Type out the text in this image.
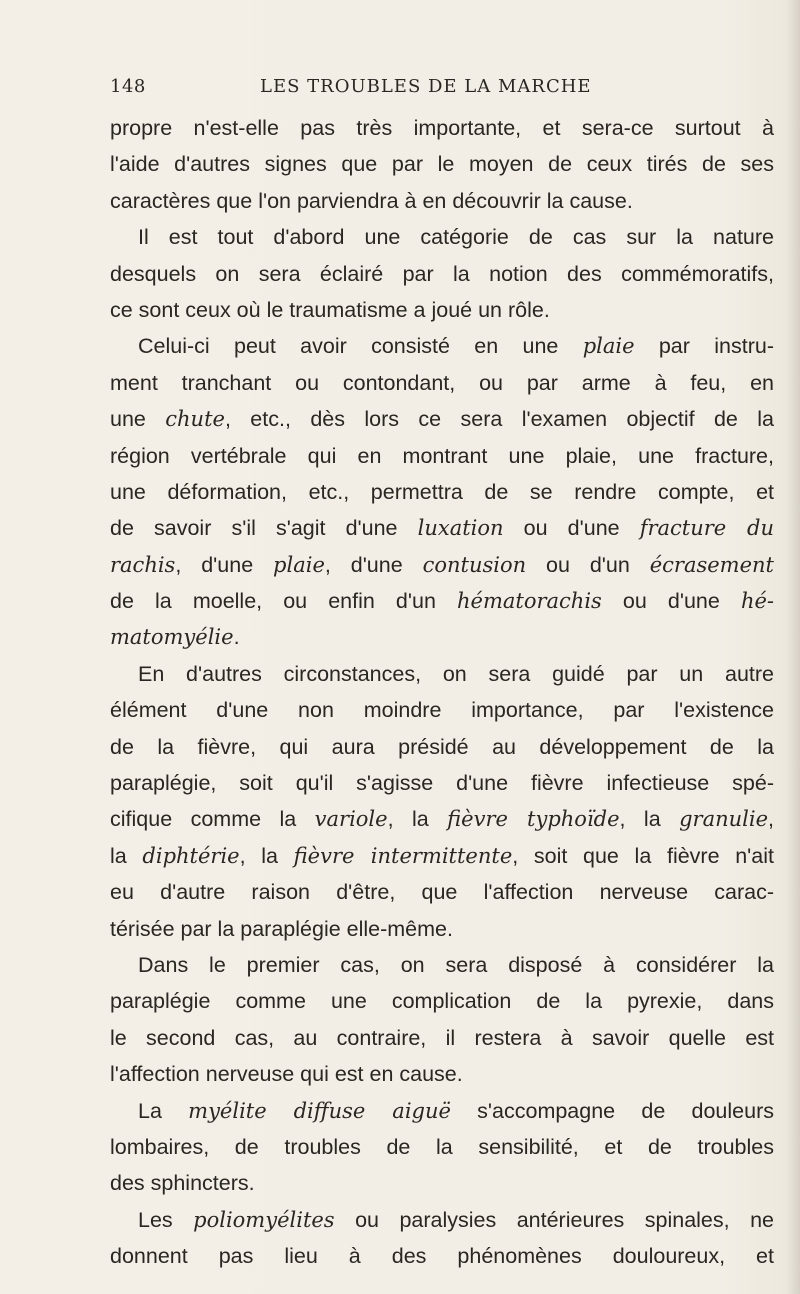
148	LES TROUBLES DE LA MARCHE
propre n'est-elle pas très importante, et sera-ce surtout à
l'aide d'autres signes que par le moyen de ceux tirés de ses
caractères que l'on parviendra à en découvrir la cause.
Il est tout d'abord une catégorie de cas sur la nature
desquels on sera éclairé par la notion des commémoratifs,
ce sont ceux où le traumatisme a joué un rôle.
Celui-ci peut avoir consisté en une plaie par instru-
ment tranchant ou contondant, ou par arme à feu, en
une chute, etc., dès lors ce sera l'examen objectif de la
région vertébrale qui en montrant une plaie, une fracture,
une déformation, etc., permettra de se rendre compte, et
de savoir s'il s'agit d'une luxation ou d'une fracture du
rachis, d'une plaie, d'une contusion ou d'un écrasement
de la moelle, ou enfin d'un hématorachis ou d'une hé-
matomyélie.
En d'autres circonstances, on sera guidé par un autre
élément d'une non moindre importance, par l'existence
de la fièvre, qui aura présidé au développement de la
paraplégie, soit qu'il s'agisse d'une fièvre infectieuse spé-
cifique comme la variole, la fièvre typhoïde, la granulie,
la diphtérie, la fièvre intermittente, soit que la fièvre n'ait
eu d'autre raison d'être, que l'affection nerveuse carac-
térisée par la paraplégie elle-même.
Dans le premier cas, on sera disposé à considérer la
paraplégie comme une complication de la pyrexie, dans
le second cas, au contraire, il restera à savoir quelle est
l'affection nerveuse qui est en cause.
La myélite diffuse aiguë s'accompagne de douleurs
lombaires, de troubles de la sensibilité, et de troubles
des sphincters.
Les poliomyélites ou paralysies antérieures spinales, ne
donnent pas lieu à des phénomènes douloureux, et
